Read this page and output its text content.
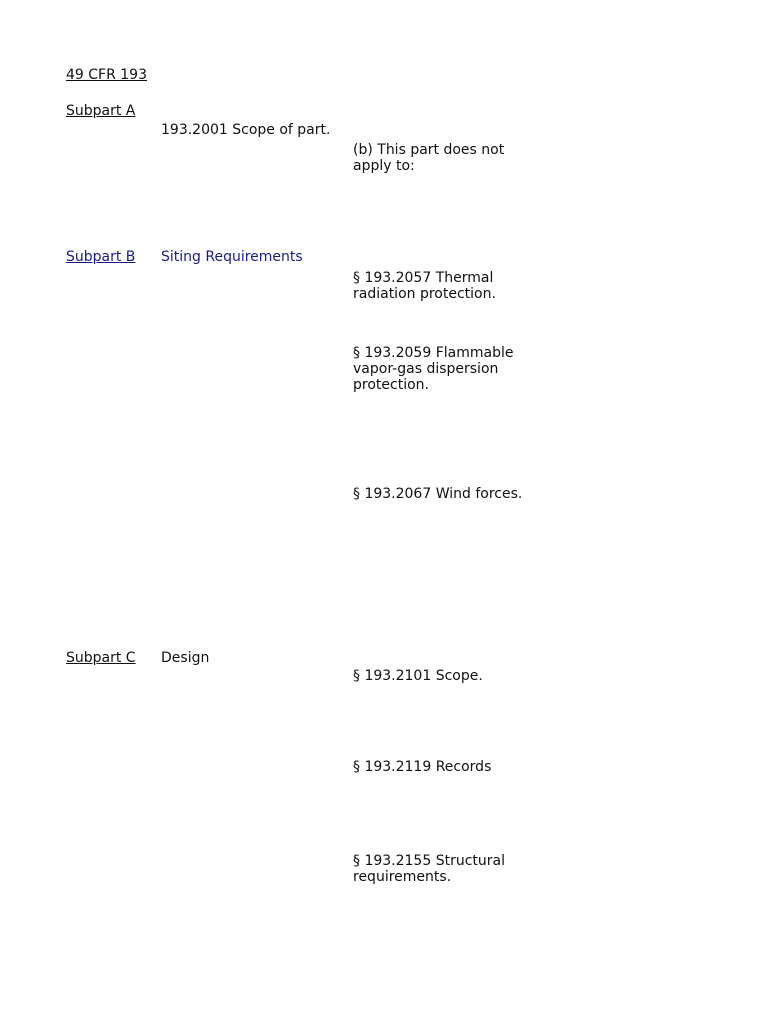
49 CFR 193
Subpart A
193.2001 Scope of part.
(b) This part does not
apply to:
Subpart B Siting Requirements
§ 193.2057 Thermal
radiation protection.
§ 193.2059 Flammable
vapor-gas dispersion
protection.
§ 193.2067 Wind forces.
Subpart C Design
§ 193.2101 Scope.
§ 193.2119 Records
§ 193.2155 Structural
requirements.
